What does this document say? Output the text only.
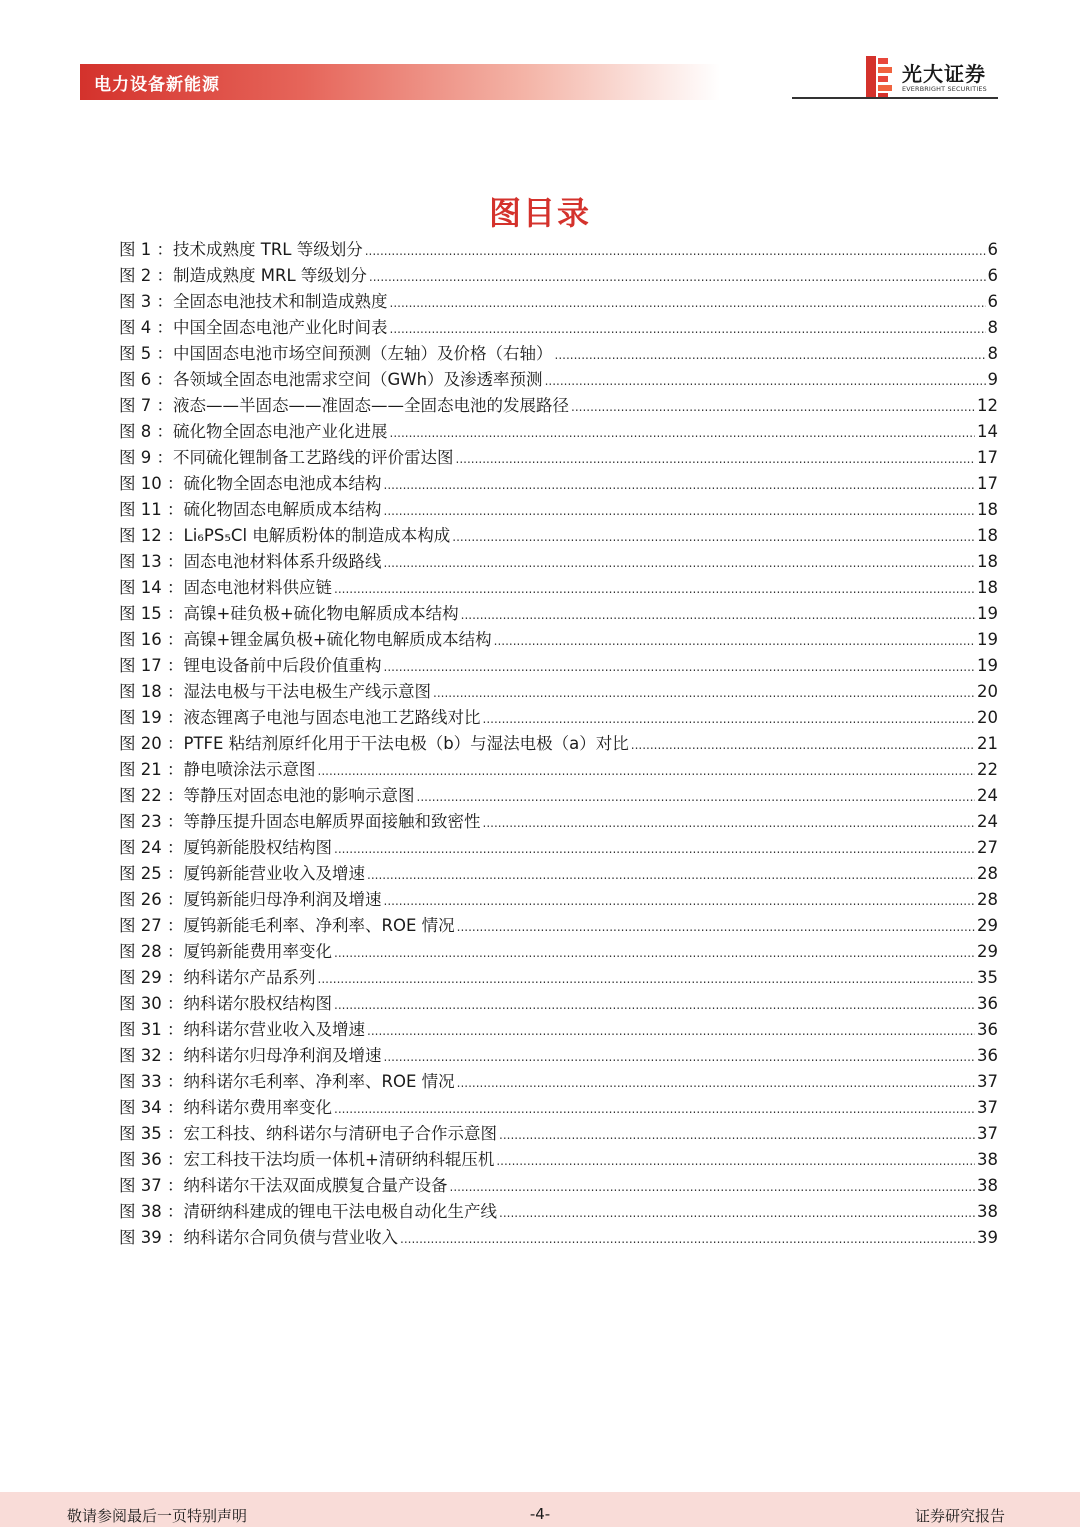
电力设备新能源	光大证券
EVERBRIGHT SECURITIES
图目录
图 1 ： 技术成熟度 TRL 等级划分 .....	6
图 2 ： 制造成熟度 MRL 等级划分 .....	6
图 3 ： 全固态电池技术和制造成熟度 .....	6
图 4 ： 中国全固态电池产业化时间表 .....	8
图 5 ： 中国固态电池市场空间预测（左轴）及价格（右轴） .....	8
图 6 ： 各领域全固态电池需求空间（GWh）及渗透率预测 .....	9
图 7 ： 液态——半固态——准固态——全固态电池的发展路径 .....	12
图 8 ： 硫化物全固态电池产业化进展 .....	14
图 9 ： 不同硫化锂制备工艺路线的评价雷达图 .....	17
图 10 ： 硫化物全固态电池成本结构 .....	17
图 11 ： 硫化物固态电解质成本结构 .....	18
图 12 ： Li₆PS₅Cl 电解质粉体的制造成本构成 .....	18
图 13 ： 固态电池材料体系升级路线 .....	18
图 14 ： 固态电池材料供应链 .....	18
图 15 ： 高镍+硅负极+硫化物电解质成本结构 .....	19
图 16 ： 高镍+锂金属负极+硫化物电解质成本结构 .....	19
图 17 ： 锂电设备前中后段价值重构 .....	19
图 18 ： 湿法电极与干法电极生产线示意图 .....	20
图 19 ： 液态锂离子电池与固态电池工艺路线对比 .....	20
图 20 ： PTFE 粘结剂原纤化用于干法电极（b）与湿法电极（a）对比 .....	21
图 21 ： 静电喷涂法示意图 .....	22
图 22 ： 等静压对固态电池的影响示意图 .....	24
图 23 ： 等静压提升固态电解质界面接触和致密性 .....	24
图 24 ： 厦钨新能股权结构图 .....	27
图 25 ： 厦钨新能营业收入及增速 .....	28
图 26 ： 厦钨新能归母净利润及增速 .....	28
图 27 ： 厦钨新能毛利率、净利率、ROE 情况 .....	29
图 28 ： 厦钨新能费用率变化 .....	29
图 29 ： 纳科诺尔产品系列 .....	35
图 30 ： 纳科诺尔股权结构图 .....	36
图 31 ： 纳科诺尔营业收入及增速 .....	36
图 32 ： 纳科诺尔归母净利润及增速 .....	36
图 33 ： 纳科诺尔毛利率、净利率、ROE 情况 .....	37
图 34 ： 纳科诺尔费用率变化 .....	37
图 35 ： 宏工科技、纳科诺尔与清研电子合作示意图 .....	37
图 36 ： 宏工科技干法均质一体机+清研纳科辊压机 .....	38
图 37 ： 纳科诺尔干法双面成膜复合量产设备 .....	38
图 38 ： 清研纳科建成的锂电干法电极自动化生产线 .....	38
图 39 ： 纳科诺尔合同负债与营业收入 .....	39
敬请参阅最后一页特别声明	-4-	证券研究报告
